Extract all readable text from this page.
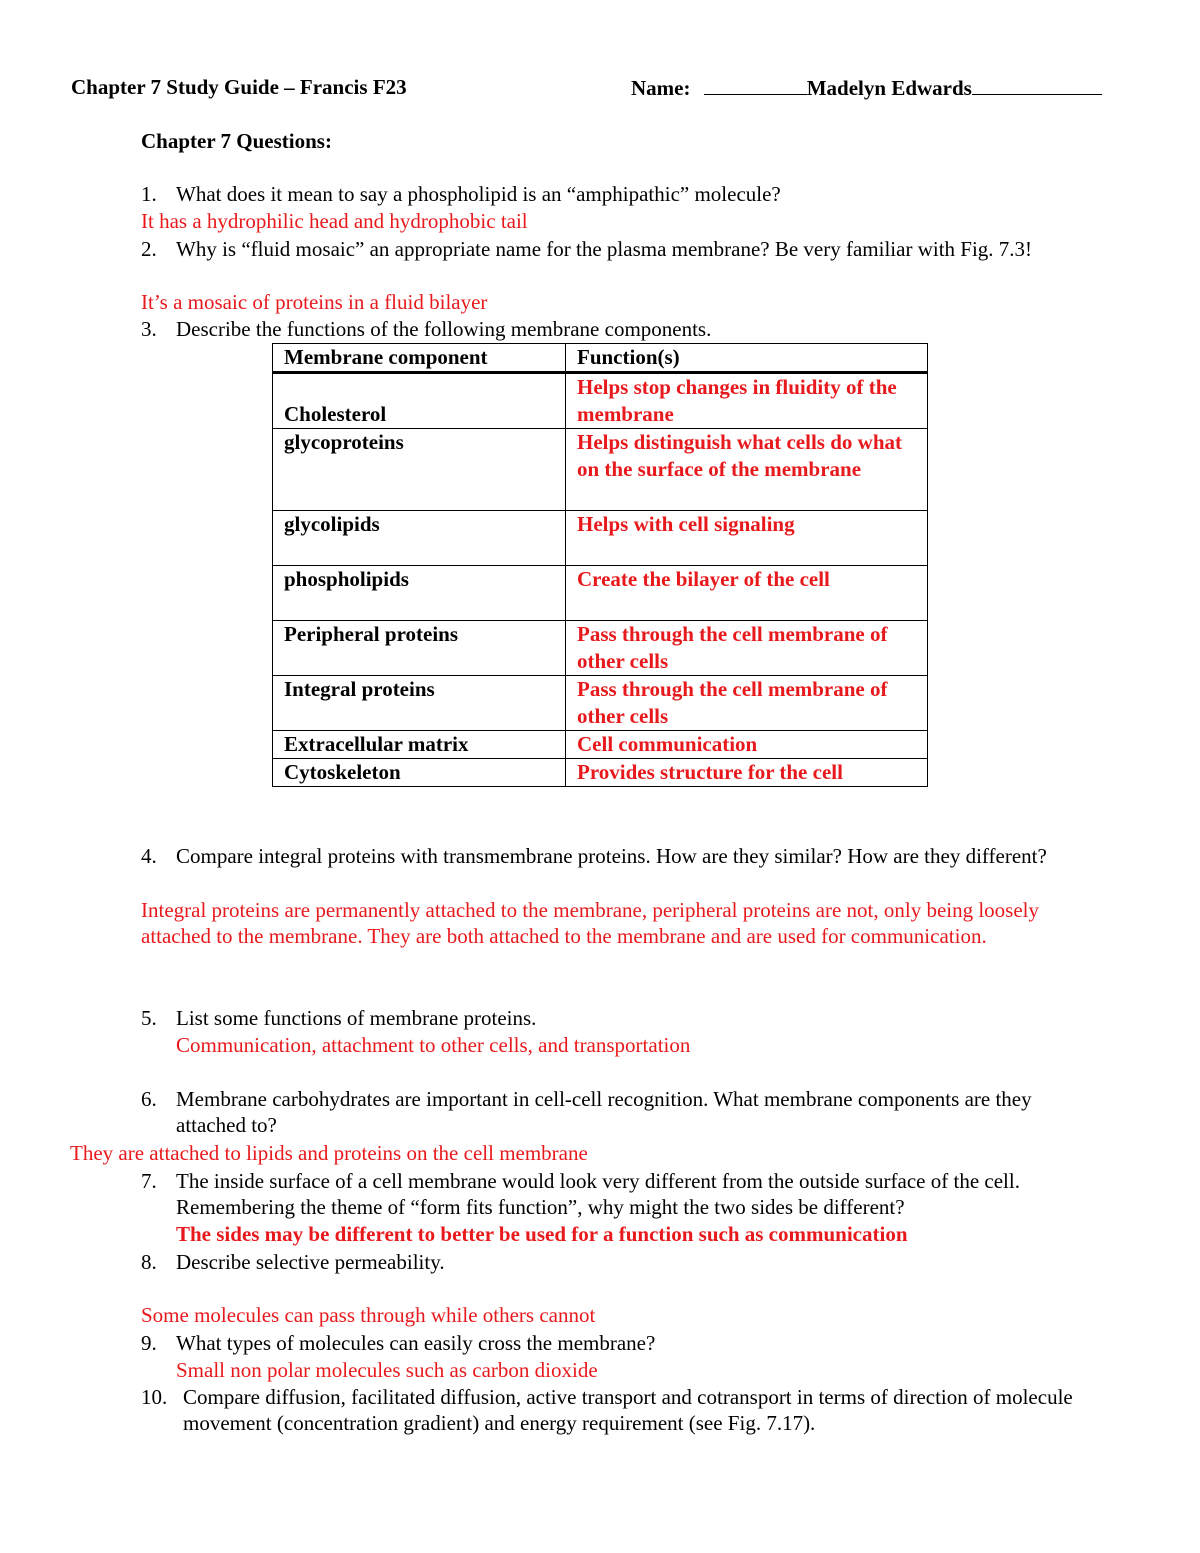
Chapter 7 Study Guide – Francis F23	Name:	Madelyn Edwards
Chapter 7 Questions:
1. What does it mean to say a phospholipid is an “amphipathic” molecule?
It has a hydrophilic head and hydrophobic tail
2. Why is “fluid mosaic” an appropriate name for the plasma membrane? Be very familiar with Fig. 7.3!
It’s a mosaic of proteins in a fluid bilayer
3. Describe the functions of the following membrane components.
Membrane component	Function(s)
Cholesterol	Helps stop changes in fluidity of the membrane
glycoproteins	Helps distinguish what cells do what on the surface of the membrane
glycolipids	Helps with cell signaling
phospholipids	Create the bilayer of the cell
Peripheral proteins	Pass through the cell membrane of other cells
Integral proteins	Pass through the cell membrane of other cells
Extracellular matrix	Cell communication
Cytoskeleton	Provides structure for the cell
4. Compare integral proteins with transmembrane proteins. How are they similar? How are they different?
Integral proteins are permanently attached to the membrane, peripheral proteins are not, only being loosely attached to the membrane. They are both attached to the membrane and are used for communication.
5. List some functions of membrane proteins.
Communication, attachment to other cells, and transportation
6. Membrane carbohydrates are important in cell-cell recognition. What membrane components are they attached to?
They are attached to lipids and proteins on the cell membrane
7. The inside surface of a cell membrane would look very different from the outside surface of the cell. Remembering the theme of “form fits function”, why might the two sides be different?
The sides may be different to better be used for a function such as communication
8. Describe selective permeability.
Some molecules can pass through while others cannot
9. What types of molecules can easily cross the membrane?
Small non polar molecules such as carbon dioxide
10. Compare diffusion, facilitated diffusion, active transport and cotransport in terms of direction of molecule movement (concentration gradient) and energy requirement (see Fig. 7.17).
